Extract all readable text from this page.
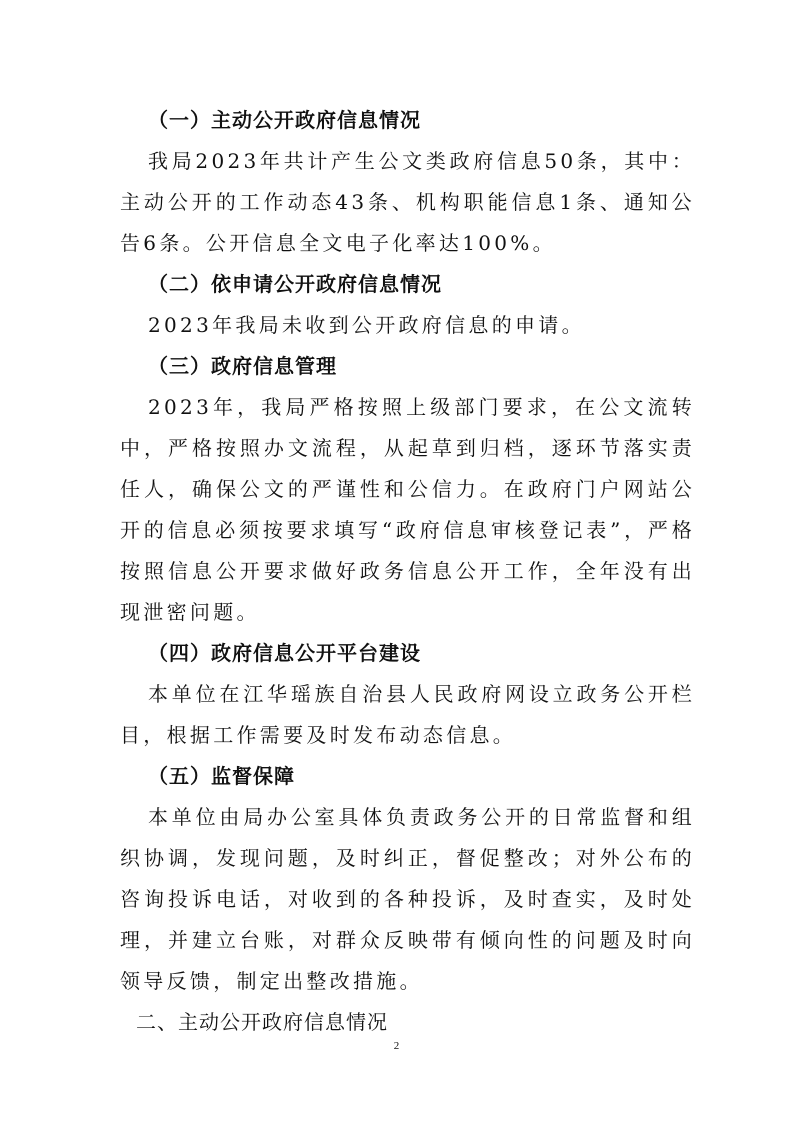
（一）主动公开政府信息情况

我局2023年共计产生公文类政府信息50条，其中：主动公开的工作动态43条、机构职能信息1条、通知公告6条。公开信息全文电子化率达100%。

（二）依申请公开政府信息情况

2023年我局未收到公开政府信息的申请。

（三）政府信息管理

2023年，我局严格按照上级部门要求，在公文流转中，严格按照办文流程，从起草到归档，逐环节落实责任人，确保公文的严谨性和公信力。在政府门户网站公开的信息必须按要求填写“政府信息审核登记表”，严格按照信息公开要求做好政务信息公开工作，全年没有出现泄密问题。

（四）政府信息公开平台建设

本单位在江华瑶族自治县人民政府网设立政务公开栏目，根据工作需要及时发布动态信息。

（五）监督保障

本单位由局办公室具体负责政务公开的日常监督和组织协调，发现问题，及时纠正，督促整改；对外公布的咨询投诉电话，对收到的各种投诉，及时查实，及时处理，并建立台账，对群众反映带有倾向性的问题及时向领导反馈，制定出整改措施。

二、主动公开政府信息情况

2
